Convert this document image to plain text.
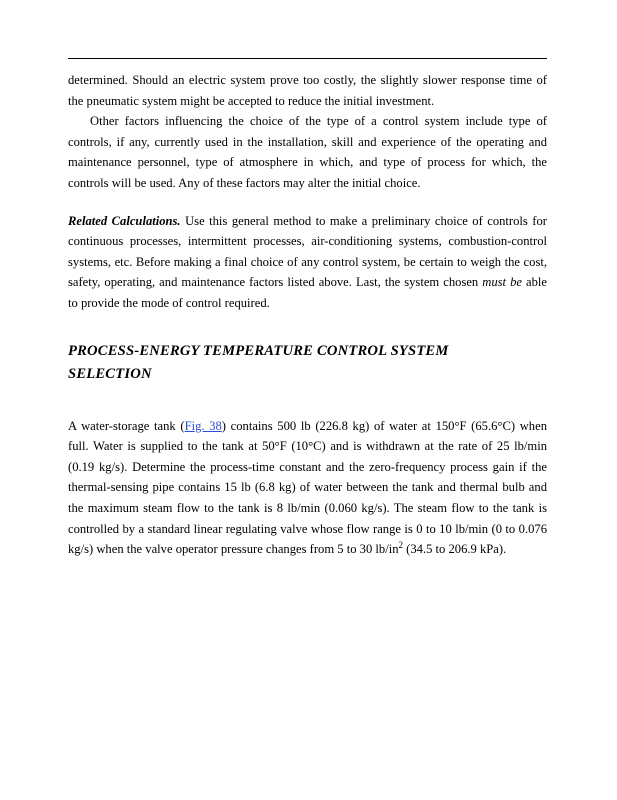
determined. Should an electric system prove too costly, the slightly slower response time of the pneumatic system might be accepted to reduce the initial investment.

Other factors influencing the choice of the type of a control system include type of controls, if any, currently used in the installation, skill and experience of the operating and maintenance personnel, type of atmosphere in which, and type of process for which, the controls will be used. Any of these factors may alter the initial choice.

Related Calculations. Use this general method to make a preliminary choice of controls for continuous processes, intermittent processes, air-conditioning systems, combustion-control systems, etc. Before making a final choice of any control system, be certain to weigh the cost, safety, operating, and maintenance factors listed above. Last, the system chosen must be able to provide the mode of control required.

PROCESS-ENERGY TEMPERATURE CONTROL SYSTEM
SELECTION

A water-storage tank (Fig. 38) contains 500 lb (226.8 kg) of water at 150°F (65.6°C) when full. Water is supplied to the tank at 50°F (10°C) and is withdrawn at the rate of 25 lb/min (0.19 kg/s). Determine the process-time constant and the zero-frequency process gain if the thermal-sensing pipe contains 15 lb (6.8 kg) of water between the tank and thermal bulb and the maximum steam flow to the tank is 8 lb/min (0.060 kg/s). The steam flow to the tank is controlled by a standard linear regulating valve whose flow range is 0 to 10 lb/min (0 to 0.076 kg/s) when the valve operator pressure changes from 5 to 30 $lb/in^2$ (34.5 to 206.9 kPa).
